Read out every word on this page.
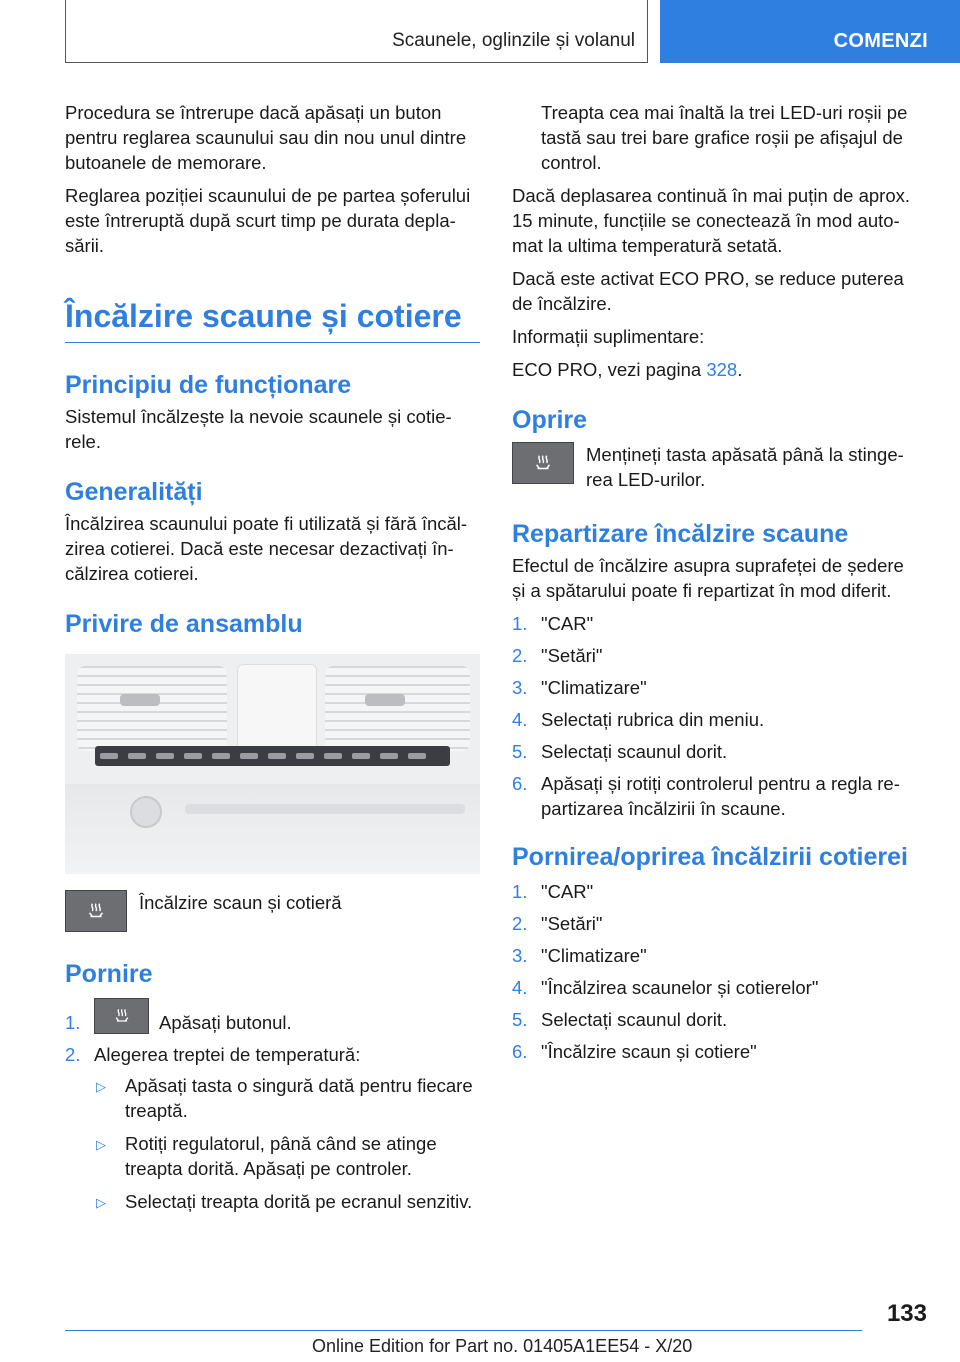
Scaunele, oglinzile și volanul	COMENZI

Procedura se întrerupe dacă apăsați un buton pentru reglarea scaunului sau din nou unul dintre butoanele de memorare.

Reglarea poziției scaunului de pe partea șoferului este întreruptă după scurt timp pe durata deplasării.

Încălzire scaune și cotiere
Principiu de funcționare

Sistemul încălzește la nevoie scaunele și cotierele.

Generalități

Încălzirea scaunului poate fi utilizată și fără încălzirea cotierei. Dacă este necesar dezactivați încălzirea cotierei.

Privire de ansamblu
Încălzire scaun și cotieră
Pornire
1.	Apăsați butonul.
2. Alegerea treptei de temperatură:
▷ Apăsați tasta o singură dată pentru fiecare treaptă.
▷ Rotiți regulatorul, până când se atinge treapta dorită. Apăsați pe controler.
▷ Selectați treapta dorită pe ecranul senzitiv.

Treapta cea mai înaltă la trei LED-uri roșii pe tastă sau trei bare grafice roșii pe afișajul de control.

Dacă deplasarea continuă în mai puțin de aprox. 15 minute, funcțiile se conectează în mod automat la ultima temperatură setată.

Dacă este activat ECO PRO, se reduce puterea de încălzire.

Informații suplimentare:

ECO PRO, vezi pagina 328.

Oprire
Mențineți tasta apăsată până la stingerea LED-urilor.
Repartizare încălzire scaune

Efectul de încălzire asupra suprafeței de ședere și a spătarului poate fi repartizat în mod diferit.

1. "CAR"
2. "Setări"
3. "Climatizare"
4. Selectați rubrica din meniu.
5. Selectați scaunul dorit.
6. Apăsați și rotiți controlerul pentru a regla repartizarea încălzirii în scaune.
Pornirea/oprirea încălzirii cotierei
1. "CAR"
2. "Setări"
3. "Climatizare"
4. "Încălzirea scaunelor și cotierelor"
5. Selectați scaunul dorit.
6. "Încălzire scaun și cotiere"
133
Online Edition for Part no. 01405A1EE54 - X/20
